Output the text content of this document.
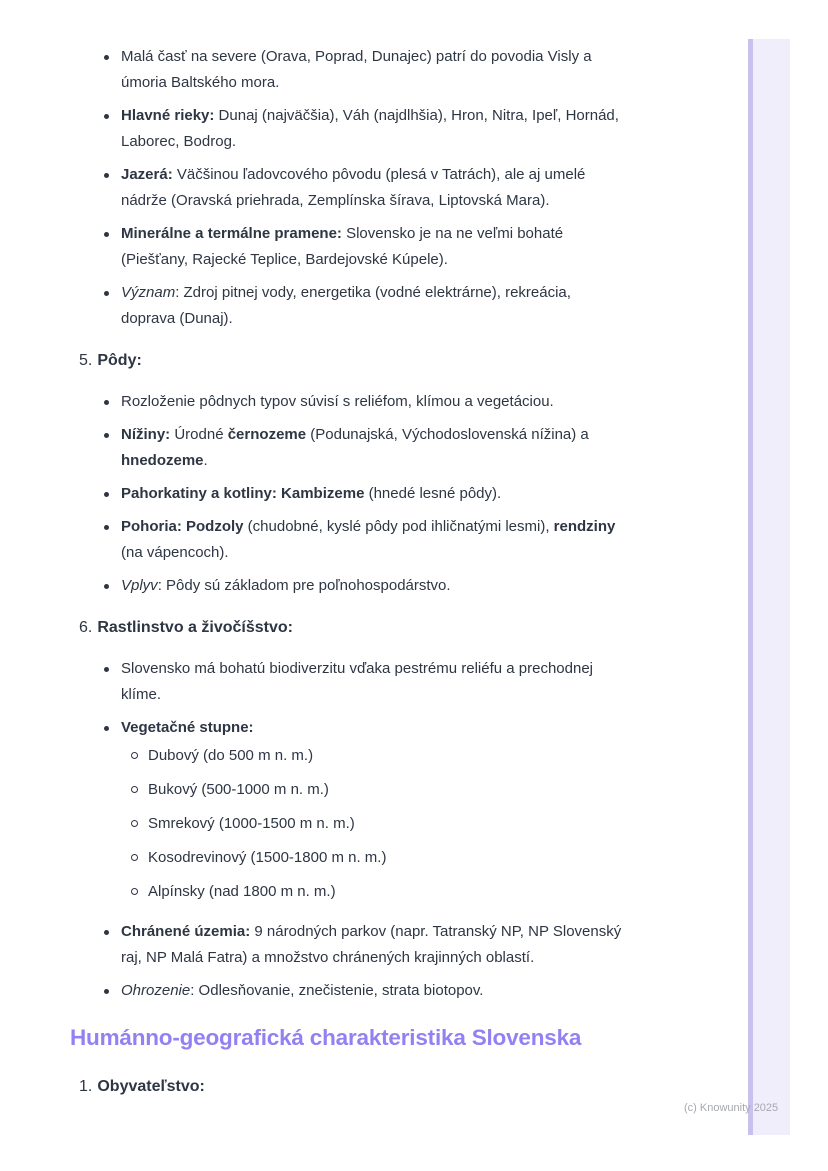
Malá časť na severe (Orava, Poprad, Dunajec) patrí do povodia Visly a úmoria Baltského mora.
Hlavné rieky: Dunaj (najväčšia), Váh (najdlhšia), Hron, Nitra, Ipeľ, Hornád, Laborec, Bodrog.
Jazerá: Väčšinou ľadovcového pôvodu (plesá v Tatrách), ale aj umelé nádrže (Oravská priehrada, Zemplínska šírava, Liptovská Mara).
Minerálne a termálne pramene: Slovensko je na ne veľmi bohaté (Piešťany, Rajecké Teplice, Bardejovské Kúpele).
Význam: Zdroj pitnej vody, energetika (vodné elektrárne), rekreácia, doprava (Dunaj).
5. Pôdy:
Rozloženie pôdnych typov súvisí s reliéfom, klímou a vegetáciou.
Nížiny: Úrodné černozeme (Podunajská, Východoslovenská nížina) a hnedozeme.
Pahorkatiny a kotliny: Kambizeme (hnedé lesné pôdy).
Pohoria: Podzoly (chudobné, kyslé pôdy pod ihličnatými lesmi), rendziny (na vápencoch).
Vplyv: Pôdy sú základom pre poľnohospodárstvo.
6. Rastlinstvo a živočíšstvo:
Slovensko má bohatú biodiverzitu vďaka pestrému reliéfu a prechodnej klíme.
Vegetačné stupne:
Dubový (do 500 m n. m.)
Bukový (500-1000 m n. m.)
Smrekový (1000-1500 m n. m.)
Kosodrevinový (1500-1800 m n. m.)
Alpínsky (nad 1800 m n. m.)
Chránené územia: 9 národných parkov (napr. Tatranský NP, NP Slovenský raj, NP Malá Fatra) a množstvo chránených krajinných oblastí.
Ohrozenie: Odlesňovanie, znečistenie, strata biotopov.
Humánno-geografická charakteristika Slovenska
1. Obyvateľstvo:
(c) Knowunity 2025
